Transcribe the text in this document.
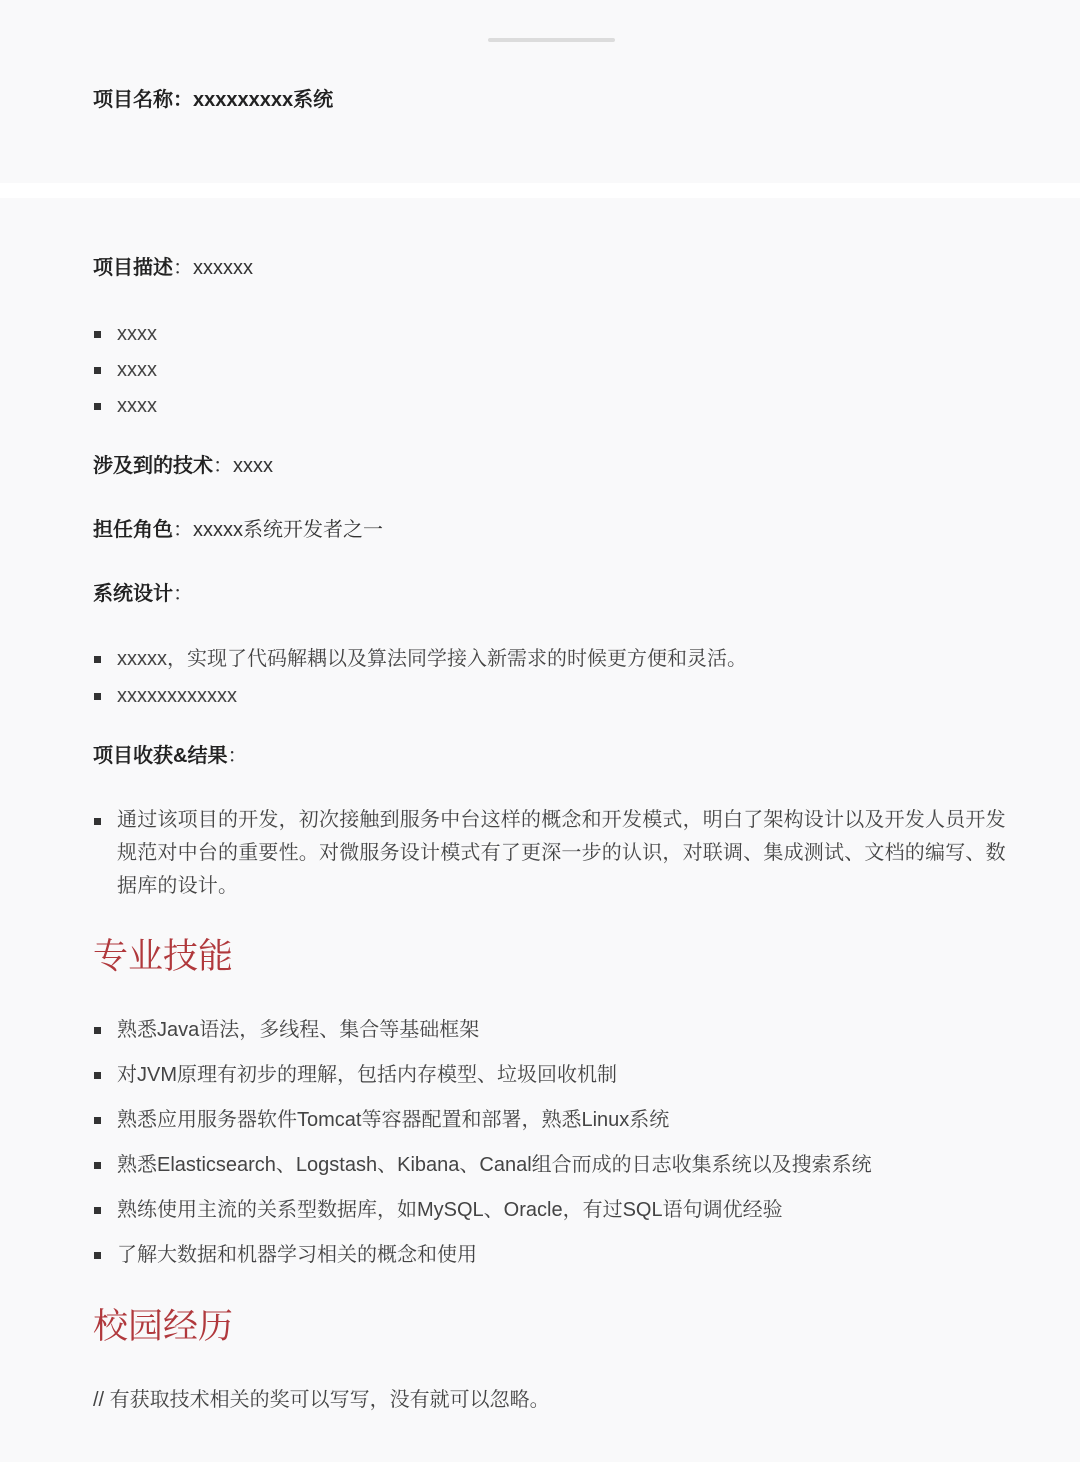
项目名称：xxxxxxxxx系统
项目描述：xxxxxx
xxxx
xxxx
xxxx
涉及到的技术：xxxx
担任角色：xxxxx系统开发者之一
系统设计：
xxxxx，实现了代码解耦以及算法同学接入新需求的时候更方便和灵活。
xxxxxxxxxxxx
项目收获&结果：
通过该项目的开发，初次接触到服务中台这样的概念和开发模式，明白了架构设计以及开发人员开发规范对中台的重要性。对微服务设计模式有了更深一步的认识，对联调、集成测试、文档的编写、数据库的设计。
专业技能
熟悉Java语法，多线程、集合等基础框架
对JVM原理有初步的理解，包括内存模型、垃圾回收机制
熟悉应用服务器软件Tomcat等容器配置和部署，熟悉Linux系统
熟悉Elasticsearch、Logstash、Kibana、Canal组合而成的日志收集系统以及搜索系统
熟练使用主流的关系型数据库，如MySQL、Oracle，有过SQL语句调优经验
了解大数据和机器学习相关的概念和使用
校园经历
// 有获取技术相关的奖可以写写，没有就可以忽略。
